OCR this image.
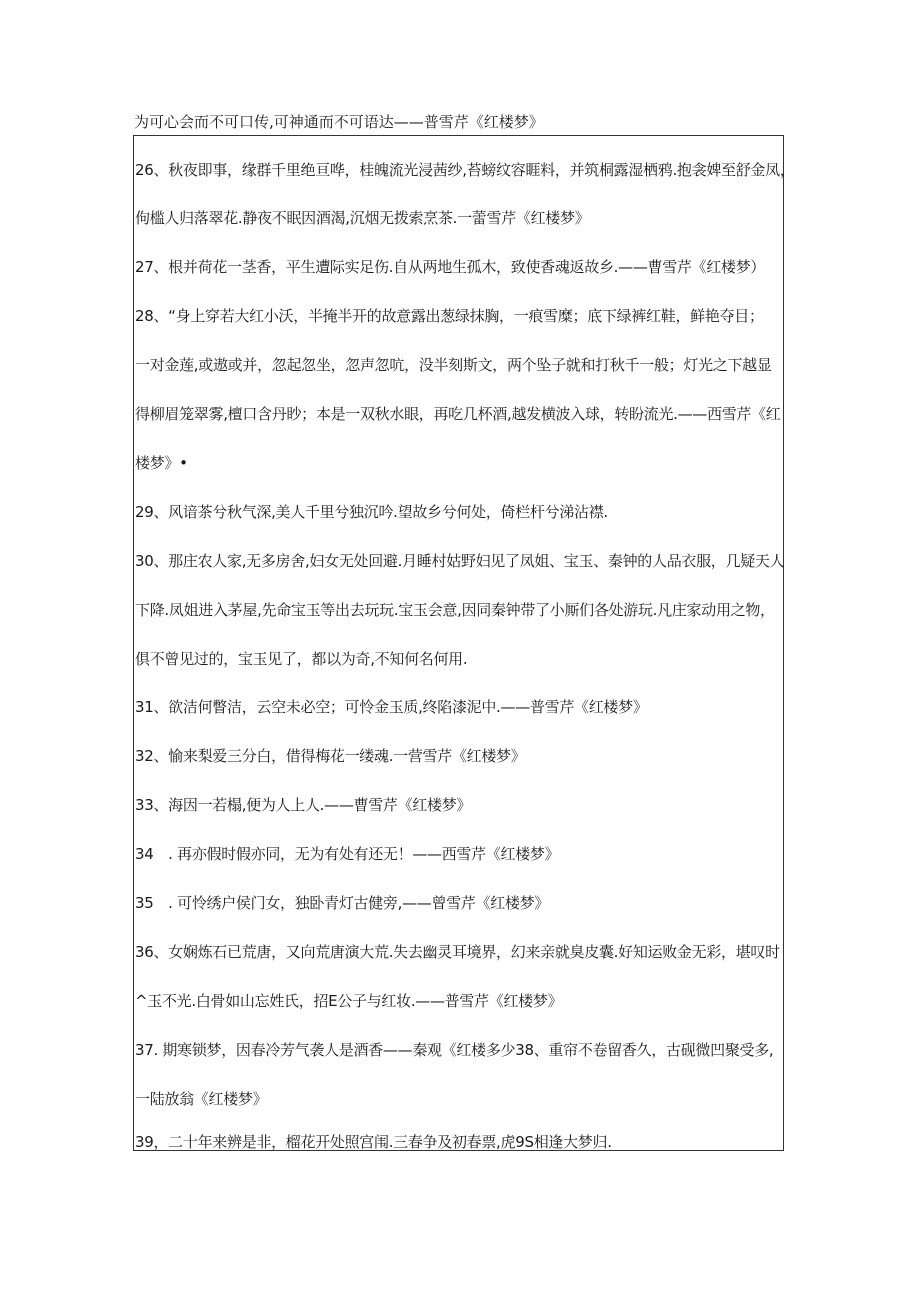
为可心会而不可口传,可神通而不可语达——普雪芹《红楼梦》
26、秋夜即事，缘群千里绝亘哗，桂魄流光浸茜纱,苔螃纹容睚料，并筑桐露湿栖鸦.抱衾婢至舒金凤，
佝槛人归落翠花.静夜不眠因酒渴,沉烟无拨索烹茶.一蕾雪芹《红楼梦》
27、根并荷花一茎香，平生遭际实足伤.自从两地生孤木，致使香魂返故乡.——曹雪芹《红楼梦）
28、“身上穿若大红小沃，半掩半开的故意露出葱绿抹胸，一痕雪糜；底下绿裤红鞋，鲜艳夺目；
一对金莲,或遨或并，忽起忽坐，忽声忽吭，没半刻斯文，两个坠子就和打秋千一般；灯光之下越显
得柳眉笼翠雾,檀口含丹眇；本是一双秋水眼，再吃几杯酒,越发横波入球，转盼流光.——西雪芹《红
楼梦》•
29、风谙茶兮秋气深,美人千里兮独沉吟.望故乡兮何处，倚栏杆兮涕沾襟.
30、那庄农人家,无多房舍,妇女无处回避.月睡村姑野妇见了凤姐、宝玉、秦钟的人品衣服，几疑天人
下降.凤姐进入茅屋,先命宝玉等出去玩玩.宝玉会意,因同秦钟带了小厮们各处游玩.凡庄家动用之物，
俱不曾见过的，宝玉见了，都以为奇,不知何名何用.
31、欲洁何瞥洁，云空未必空；可怜金玉质,终陷漆泥中.——普雪芹《红楼梦》
32、愉来梨爱三分白，借得梅花一缕魂.一营雪芹《红楼梦》
33、海因一若榻,便为人上人.——曹雪芹《红楼梦》
34　. 再亦假时假亦同，无为有处有还无！——西雪芹《红楼梦》
35　. 可怜绣户侯门女，独卧青灯古健旁,——曾雪芹《红楼梦》
36、女娴炼石已荒唐，又向荒唐演大荒.失去幽灵耳境界，幻来亲就臭皮囊.好知运败金无彩，堪叹时
^玉不光.白骨如山忘姓氏，招E公子与红妆.——普雪芹《红楼梦》
37. 期寒锁梦，因春冷芳气袭人是酒香——秦观《红楼多少38、重帘不卷留香久，古砚微凹聚受多,
一陆放翁《红楼梦》
39，二十年来辨是非，榴花开处照宫闱.三春争及初春票,虎9S相逢大梦归.
